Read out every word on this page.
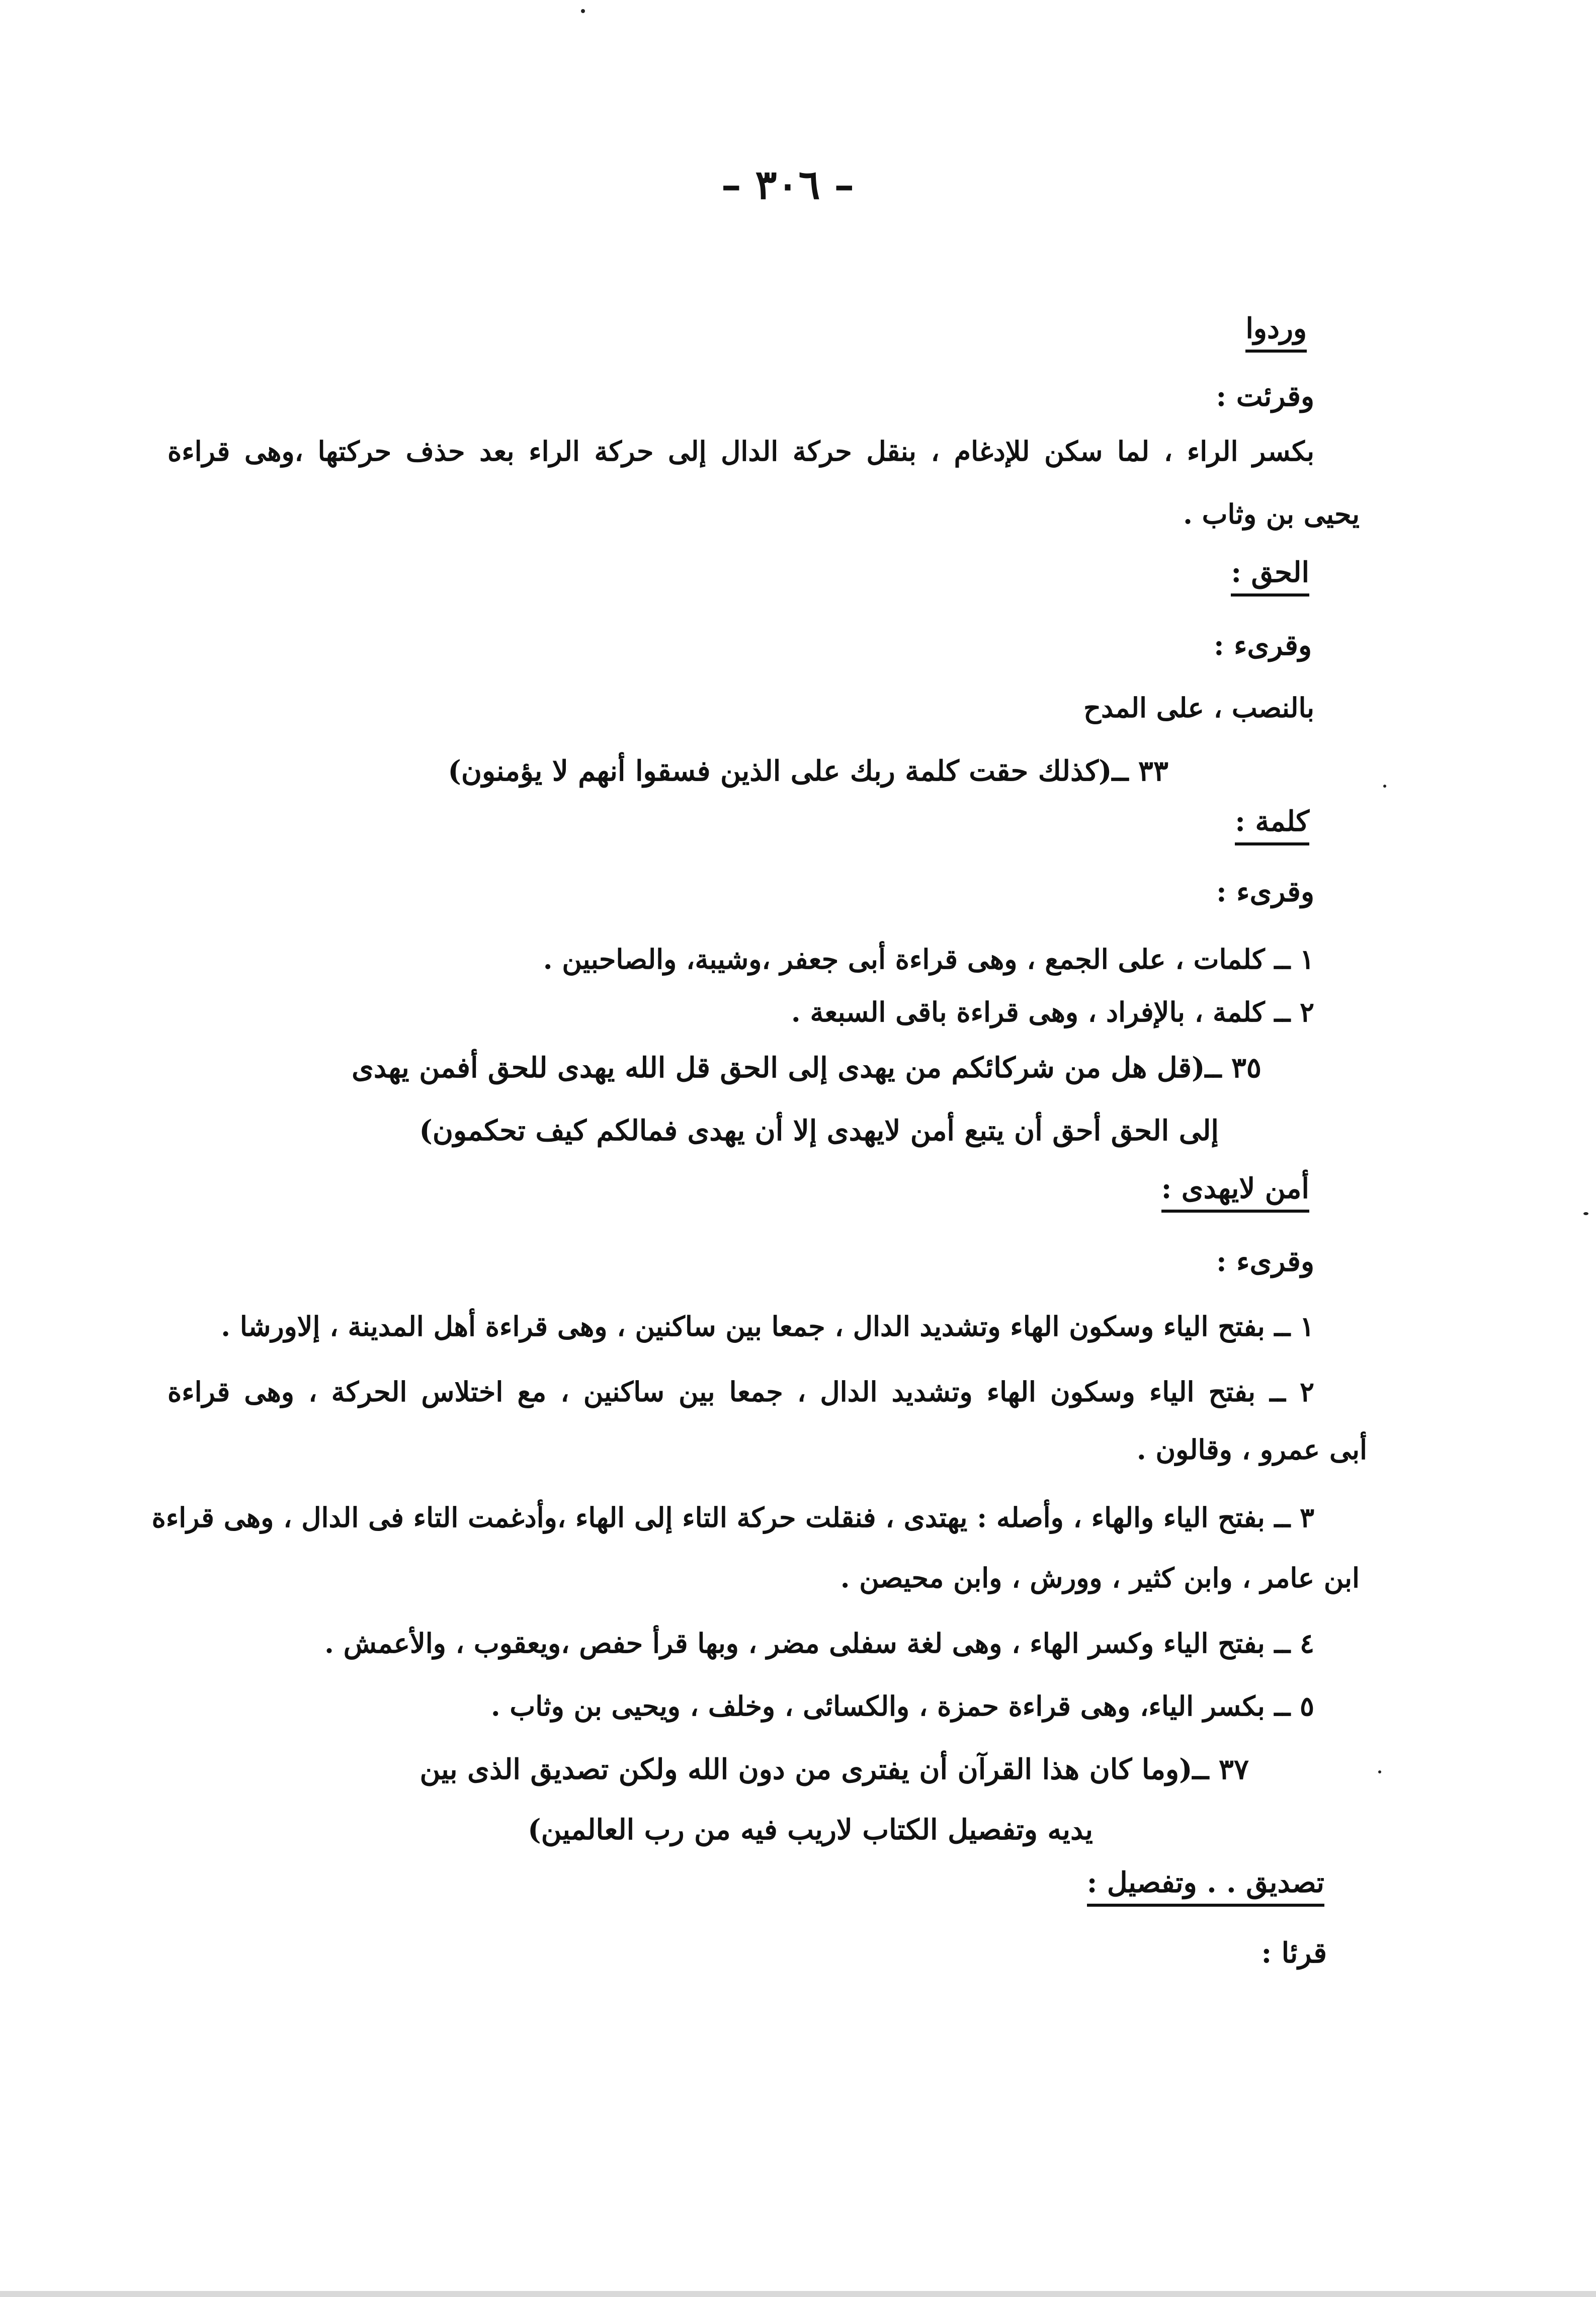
– ٣٠٦ –
وردوا
وقرئت :
بكسر الراء ، لما سكن للإدغام ، بنقل حركة الدال إلى حركة الراء بعد حذف حركتها ،وهى قراءة
يحيى بن وثاب .
الحق :
وقرىء :
بالنصب ، على المدح
٣٣ ــ(كذلك حقت كلمة ربك على الذين فسقوا أنهم لا يؤمنون)
كلمة :
وقرىء :
١ ــ كلمات ، على الجمع ، وهى قراءة أبى جعفر ،وشيبة، والصاحبين .
٢ ــ كلمة ، بالإفراد ، وهى قراءة باقى السبعة .
٣٥ ــ(قل هل من شركائكم من يهدى إلى الحق قل الله يهدى للحق أفمن يهدى
إلى الحق أحق أن يتبع أمن لايهدى إلا أن يهدى فمالكم كيف تحكمون)
أمن لايهدى :
وقرىء :
١ ــ بفتح الياء وسكون الهاء وتشديد الدال ، جمعا بين ساكنين ، وهى قراءة أهل المدينة ، إلاورشا .
٢ ــ بفتح الياء وسكون الهاء وتشديد الدال ، جمعا بين ساكنين ، مع اختلاس الحركة ، وهى قراءة
أبى عمرو ، وقالون .
٣ ــ بفتح الياء والهاء ، وأصله : يهتدى ، فنقلت حركة التاء إلى الهاء ،وأدغمت التاء فى الدال ، وهى قراءة
ابن عامر ، وابن كثير ، وورش ، وابن محيصن .
٤ ــ بفتح الياء وكسر الهاء ، وهى لغة سفلى مضر ، وبها قرأ حفص ،ويعقوب ، والأعمش .
٥ ــ بكسر الياء، وهى قراءة حمزة ، والكسائى ، وخلف ، ويحيى بن وثاب .
٣٧ ــ(وما كان هذا القرآن أن يفترى من دون الله ولكن تصديق الذى بين
يديه وتفصيل الكتاب لاريب فيه من رب العالمين)
تصديق . . وتفصيل :
قرئا :
